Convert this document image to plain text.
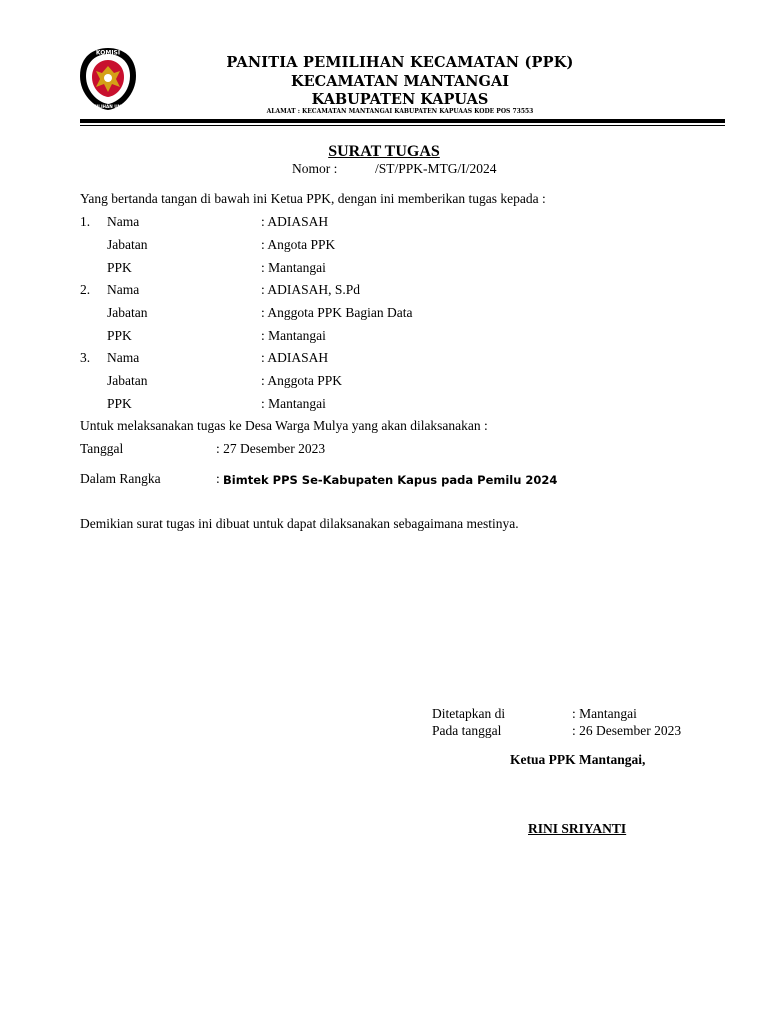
KOMISI
PEMILIHAN UMUM
PANITIA PEMILIHAN KECAMATAN (PPK)
KECAMATAN MANTANGAI
KABUPATEN KAPUAS
ALAMAT : KECAMATAN MANTANGAI KABUPATEN KAPUAAS KODE POS 73553
SURAT TUGAS
Nomor :	/ST/PPK-MTG/I/2024
Yang bertanda tangan di bawah ini Ketua PPK, dengan ini memberikan tugas kepada :
1. Nama	: ADIASAH
Jabatan	: Angota PPK
PPK	: Mantangai
2. Nama	: ADIASAH, S.Pd
Jabatan	: Anggota PPK Bagian Data
PPK	: Mantangai
3. Nama	: ADIASAH
Jabatan	: Anggota PPK
PPK	: Mantangai
Untuk melaksanakan tugas ke Desa Warga Mulya yang akan dilaksanakan :
Tanggal	: 27 Desember 2023
Dalam Rangka	: Bimtek PPS Se-Kabupaten Kapus pada Pemilu 2024
Demikian surat tugas ini dibuat untuk dapat dilaksanakan sebagaimana mestinya.
Ditetapkan di	: Mantangai
Pada tanggal	: 26 Desember 2023
Ketua PPK Mantangai,
RINI SRIYANTI
